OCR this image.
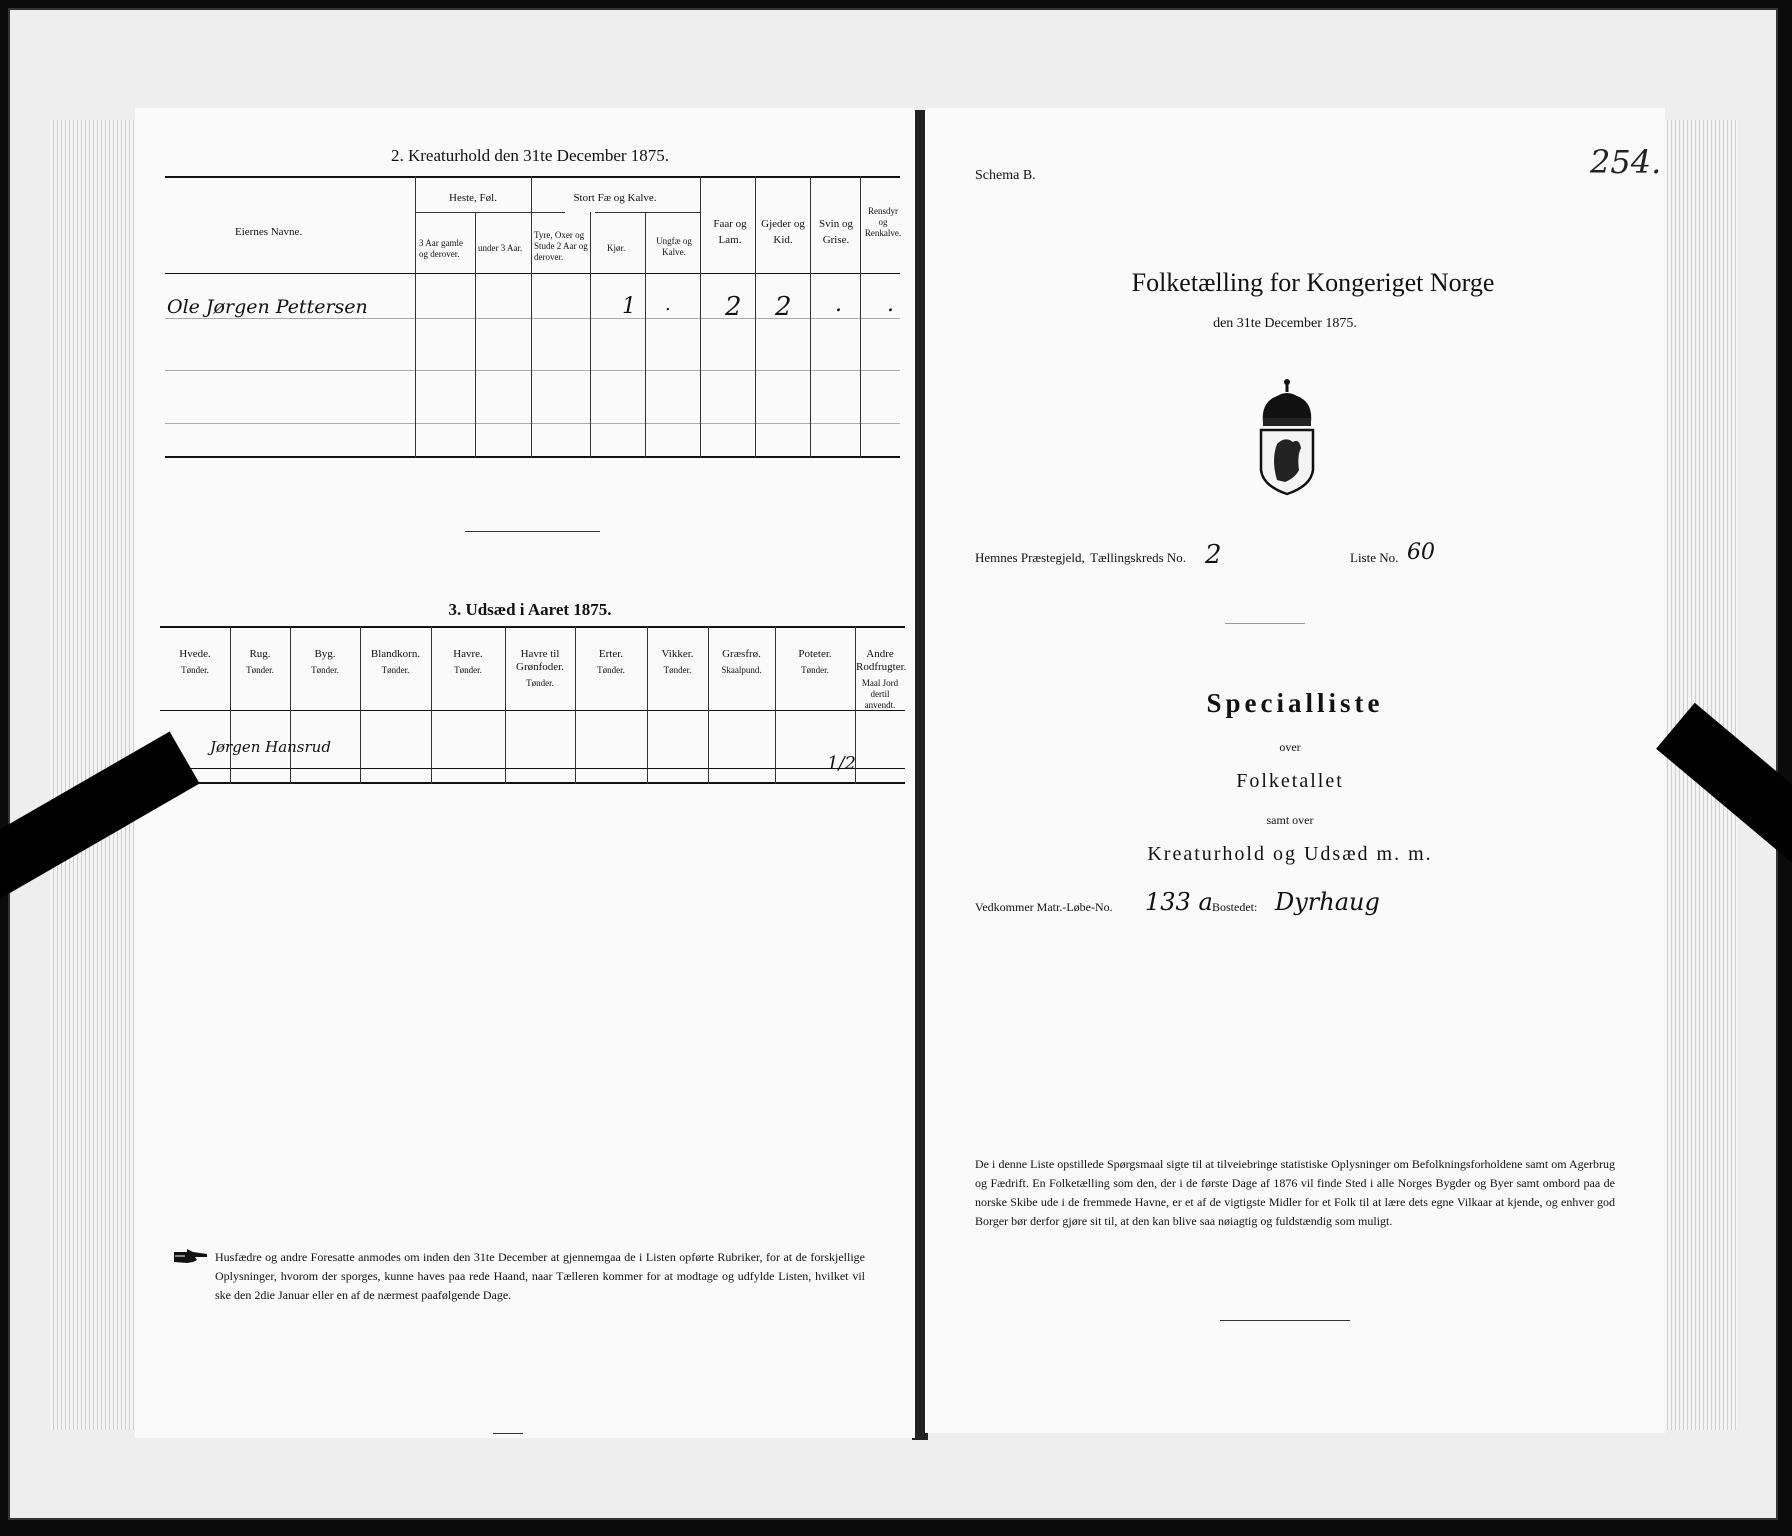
2. Kreaturhold den 31te December 1875.
Eiernes Navne.
Heste, Føl.
3 Aar gamle og derover.
under 3 Aar.
Stort Fæ og Kalve.
Tyre, Oxer og Stude 2 Aar og derover.
Kjør.
Ungfæ og Kalve.
Faar og Lam.
Gjeder og Kid.
Svin og Grise.
Rensdyr og Renkalve.
Ole Jørgen Pettersen	1 . 2 2 . .
3. Udsæd i Aaret 1875.
Hvede.
Tønder.
Rug.
Tønder.
Byg.
Tønder.
Blandkorn.
Tønder.
Havre.
Tønder.
Havre til Grønfoder.
Tønder.
Erter.
Tønder.
Vikker.
Tønder.
Græsfrø.
Skaalpund.
Poteter.
Tønder.
Andre Rodfrugter.
Maal Jord dertil anvendt.
Jørgen Hansrud
1/2
Husfædre og andre Foresatte anmodes om inden den 31te December at gjennemgaa de i Listen opførte Rubriker, for at de forskjellige Oplysninger, hvorom der sporges, kunne haves paa rede Haand, naar Tælleren kommer for at modtage og udfylde Listen, hvilket vil ske den 2die Januar eller en af de nærmest paafølgende Dage.
254.
Schema B.
Folketælling for Kongeriget Norge
den 31te December 1875.
Hemnes Præstegjeld, Tællingskreds No. 2	Liste No. 60
Specialliste
over
Folketallet
samt over
Kreaturhold og Udsæd m. m.
Vedkommer Matr.-Løbe-No. 133 a Bostedet: Dyrhaug
De i denne Liste opstillede Spørgsmaal sigte til at tilveiebringe statistiske Oplysninger om Befolkningsforholdene samt om Agerbrug og Fædrift. En Folketælling som den, der i de første Dage af 1876 vil finde Sted i alle Norges Bygder og Byer samt ombord paa de norske Skibe ude i de fremmede Havne, er et af de vigtigste Midler for et Folk til at lære dets egne Vilkaar at kjende, og enhver god Borger bør derfor gjøre sit til, at den kan blive saa nøiagtig og fuldstændig som muligt.
